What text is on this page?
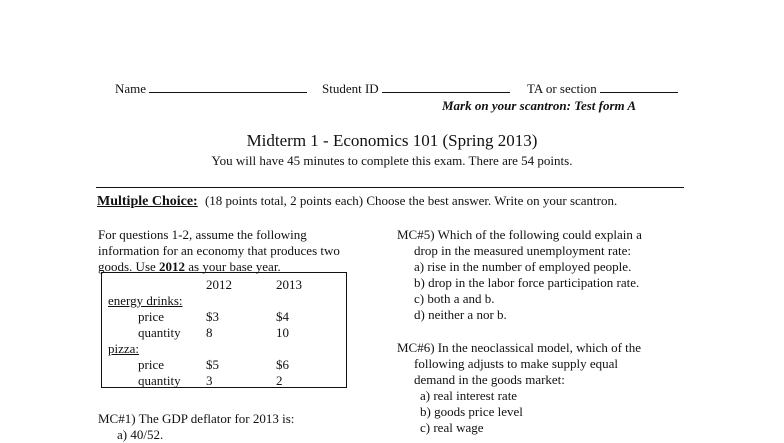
Name	Student ID	TA or section
Mark on your scantron: Test form A
Midterm 1 - Economics 101 (Spring 2013)
You will have 45 minutes to complete this exam. There are 54 points.
Multiple Choice: (18 points total, 2 points each) Choose the best answer. Write on your scantron.
For questions 1-2, assume the following
information for an economy that produces two
goods. Use 2012 as your base year.
2012	2013
energy drinks:
price	$3	$4
quantity 8	10
pizza:
price	$5	$6
quantity 3	2
MC#1) The GDP deflator for 2013 is:
a) 40/52.
MC#5) Which of the following could explain a
drop in the measured unemployment rate:
a) rise in the number of employed people.
b) drop in the labor force participation rate.
c) both a and b.
d) neither a nor b.
MC#6) In the neoclassical model, which of the
following adjusts to make supply equal
demand in the goods market:
a) real interest rate
b) goods price level
c) real wage
